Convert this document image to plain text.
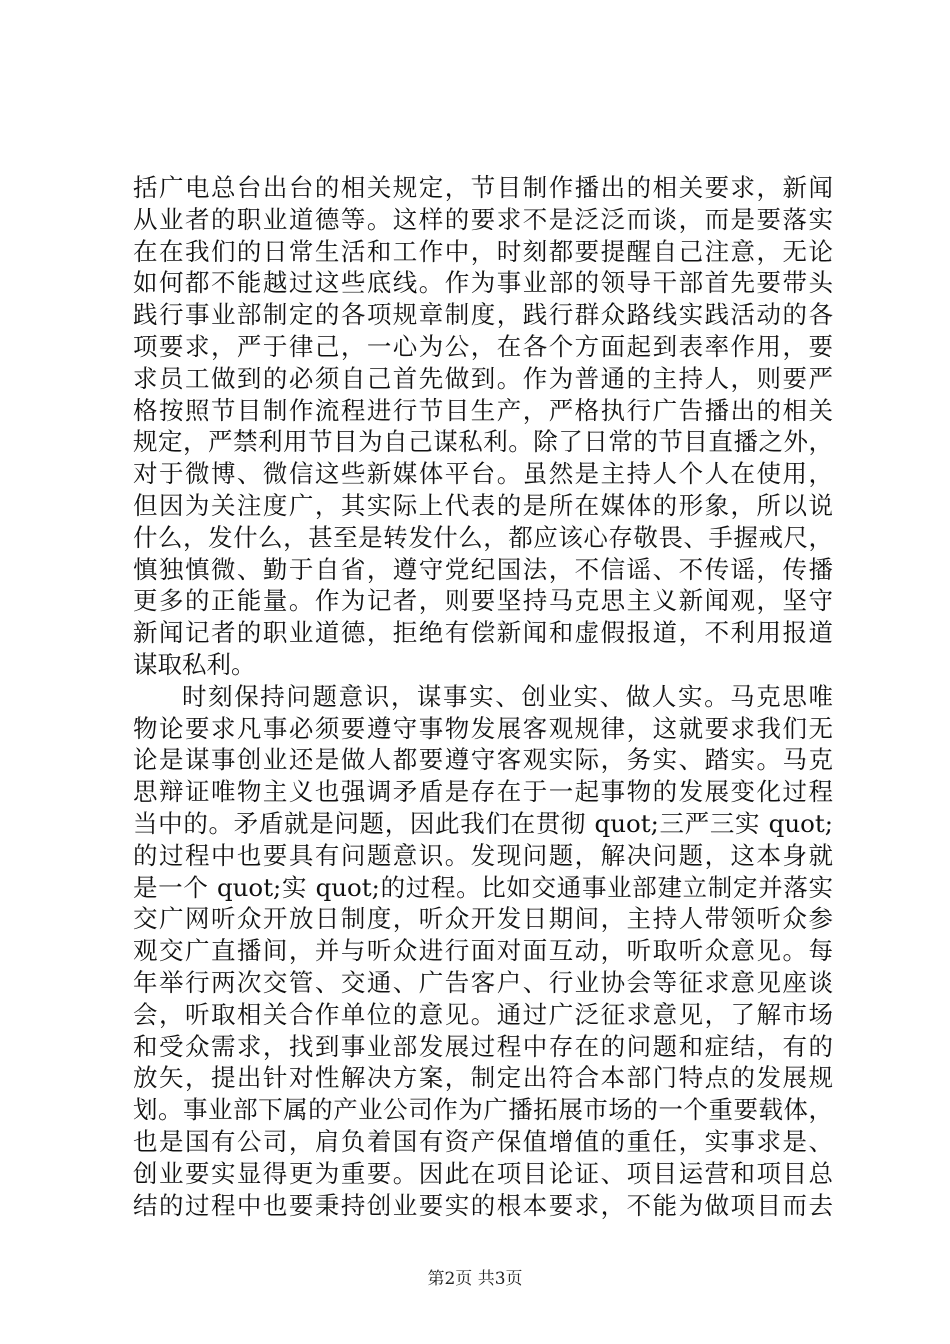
括广电总台出台的相关规定，节目制作播出的相关要求，新闻
从业者的职业道德等。这样的要求不是泛泛而谈，而是要落实
在在我们的日常生活和工作中，时刻都要提醒自己注意，无论
如何都不能越过这些底线。作为事业部的领导干部首先要带头
践行事业部制定的各项规章制度，践行群众路线实践活动的各
项要求，严于律己，一心为公，在各个方面起到表率作用，要
求员工做到的必须自己首先做到。作为普通的主持人，则要严
格按照节目制作流程进行节目生产，严格执行广告播出的相关
规定，严禁利用节目为自己谋私利。除了日常的节目直播之外，
对于微博、微信这些新媒体平台。虽然是主持人个人在使用，
但因为关注度广，其实际上代表的是所在媒体的形象，所以说
什么，发什么，甚至是转发什么，都应该心存敬畏、手握戒尺，
慎独慎微、勤于自省，遵守党纪国法，不信谣、不传谣，传播
更多的正能量。作为记者，则要坚持马克思主义新闻观，坚守
新闻记者的职业道德，拒绝有偿新闻和虚假报道，不利用报道
谋取私利。
时刻保持问题意识，谋事实、创业实、做人实。马克思唯
物论要求凡事必须要遵守事物发展客观规律，这就要求我们无
论是谋事创业还是做人都要遵守客观实际，务实、踏实。马克
思辩证唯物主义也强调矛盾是存在于一起事物的发展变化过程
当中的。矛盾就是问题，因此我们在贯彻 quot;三严三实 quot;
的过程中也要具有问题意识。发现问题，解决问题，这本身就
是一个 quot;实 quot;的过程。比如交通事业部建立制定并落实
交广网听众开放日制度，听众开发日期间，主持人带领听众参
观交广直播间，并与听众进行面对面互动，听取听众意见。每
年举行两次交管、交通、广告客户、行业协会等征求意见座谈
会，听取相关合作单位的意见。通过广泛征求意见，了解市场
和受众需求，找到事业部发展过程中存在的问题和症结，有的
放矢，提出针对性解决方案，制定出符合本部门特点的发展规
划。事业部下属的产业公司作为广播拓展市场的一个重要载体，
也是国有公司，肩负着国有资产保值增值的重任，实事求是、
创业要实显得更为重要。因此在项目论证、项目运营和项目总
结的过程中也要秉持创业要实的根本要求，不能为做项目而去
第2页 共3页
